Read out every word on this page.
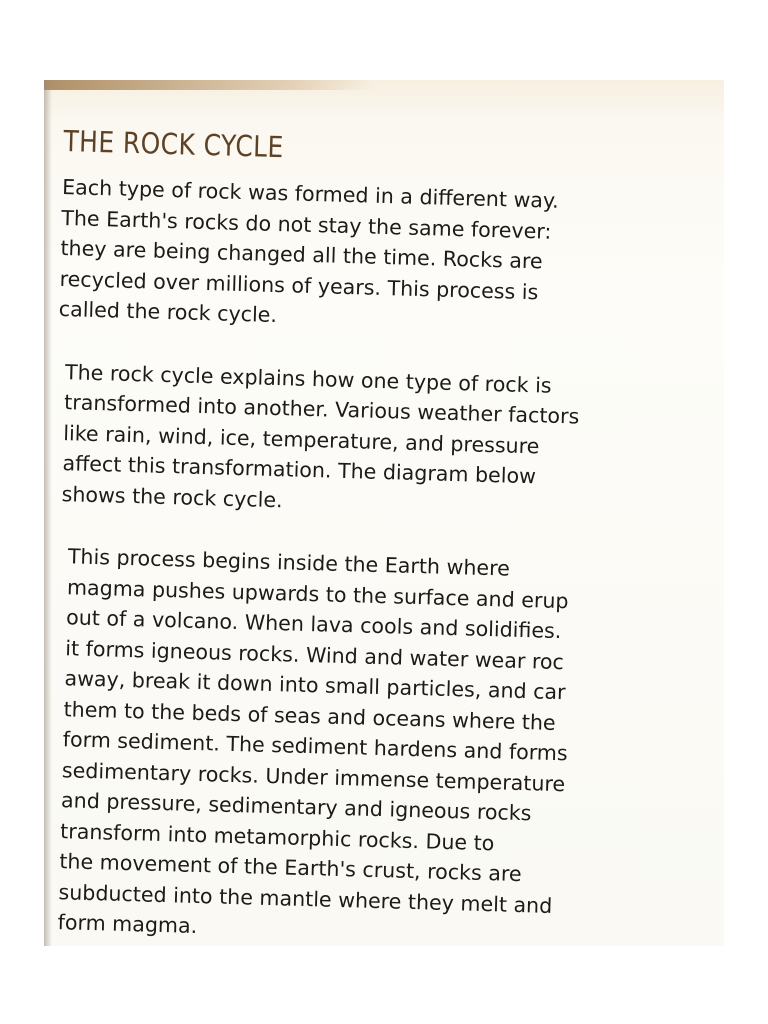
THE ROCK CYCLE

Each type of rock was formed in a different way.
The Earth's rocks do not stay the same forever:
they are being changed all the time. Rocks are
recycled over millions of years. This process is
called the rock cycle.

The rock cycle explains how one type of rock is
transformed into another. Various weather factors
like rain, wind, ice, temperature, and pressure
affect this transformation. The diagram below
shows the rock cycle.

This process begins inside the Earth where
magma pushes upwards to the surface and erup
out of a volcano. When lava cools and solidifies.
it forms igneous rocks. Wind and water wear roc
away, break it down into small particles, and car
them to the beds of seas and oceans where the
form sediment. The sediment hardens and forms
sedimentary rocks. Under immense temperature
and pressure, sedimentary and igneous rocks
transform into metamorphic rocks. Due to
the movement of the Earth's crust, rocks are
subducted into the mantle where they melt and
form magma.
